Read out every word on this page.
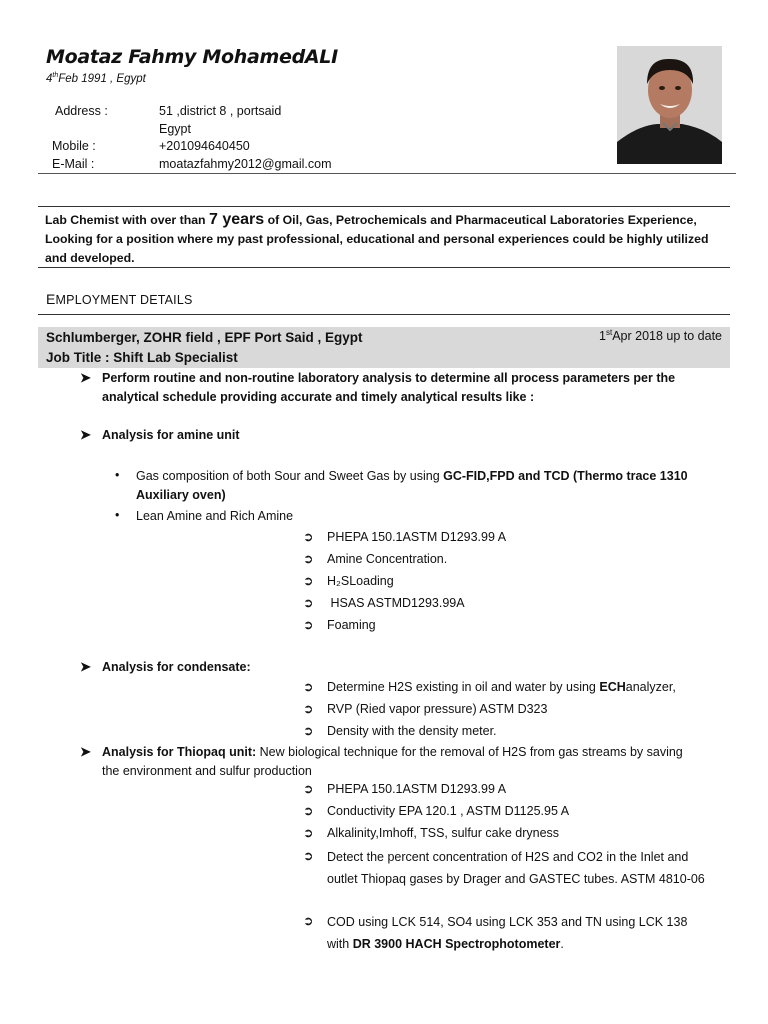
Moataz Fahmy MohamedALI
4thFeb 1991 , Egypt
Address :	51 ,district 8 , portsaid
Egypt
Mobile :	+201094640450
E-Mail :	moatazfahmy2012@gmail.com
Lab Chemist with over than 7 years of Oil, Gas, Petrochemicals and Pharmaceutical Laboratories Experience,
Looking for a position where my past professional, educational and personal experiences could be highly utilized and developed.
EMPLOYMENT DETAILS
Schlumberger, ZOHR field , EPF Port Said , Egypt
Job Title : Shift Lab Specialist
1stApr 2018 up to date
➤ Perform routine and non-routine laboratory analysis to determine all process parameters per the analytical schedule providing accurate and timely analytical results like :
➤ Analysis for amine unit
• Gas composition of both Sour and Sweet Gas by using GC-FID,FPD and TCD (Thermo trace 1310 Auxiliary oven)
• Lean Amine and Rich Amine
➲ PHEPA 150.1ASTM D1293.99 A
➲ Amine Concentration.
➲ H₂SLoading
➲ HSAS ASTMD1293.99A
➲ Foaming
➤ Analysis for condensate:
➲ Determine H2S existing in oil and water by using ECHanalyzer,
➲ RVP (Ried vapor pressure) ASTM D323
➲ Density with the density meter.
➤ Analysis for Thiopaq unit: New biological technique for the removal of H2S from gas streams by saving the environment and sulfur production
➲ PHEPA 150.1ASTM D1293.99 A
➲ Conductivity EPA 120.1 , ASTM D1125.95 A
➲ Alkalinity,Imhoff, TSS, sulfur cake dryness
➲ Detect the percent concentration of H2S and CO2 in the Inlet and outlet Thiopaq gases by Drager and GASTEC tubes. ASTM 4810-06
➲ COD using LCK 514, SO4 using LCK 353 and TN using LCK 138 with DR 3900 HACH Spectrophotometer.
